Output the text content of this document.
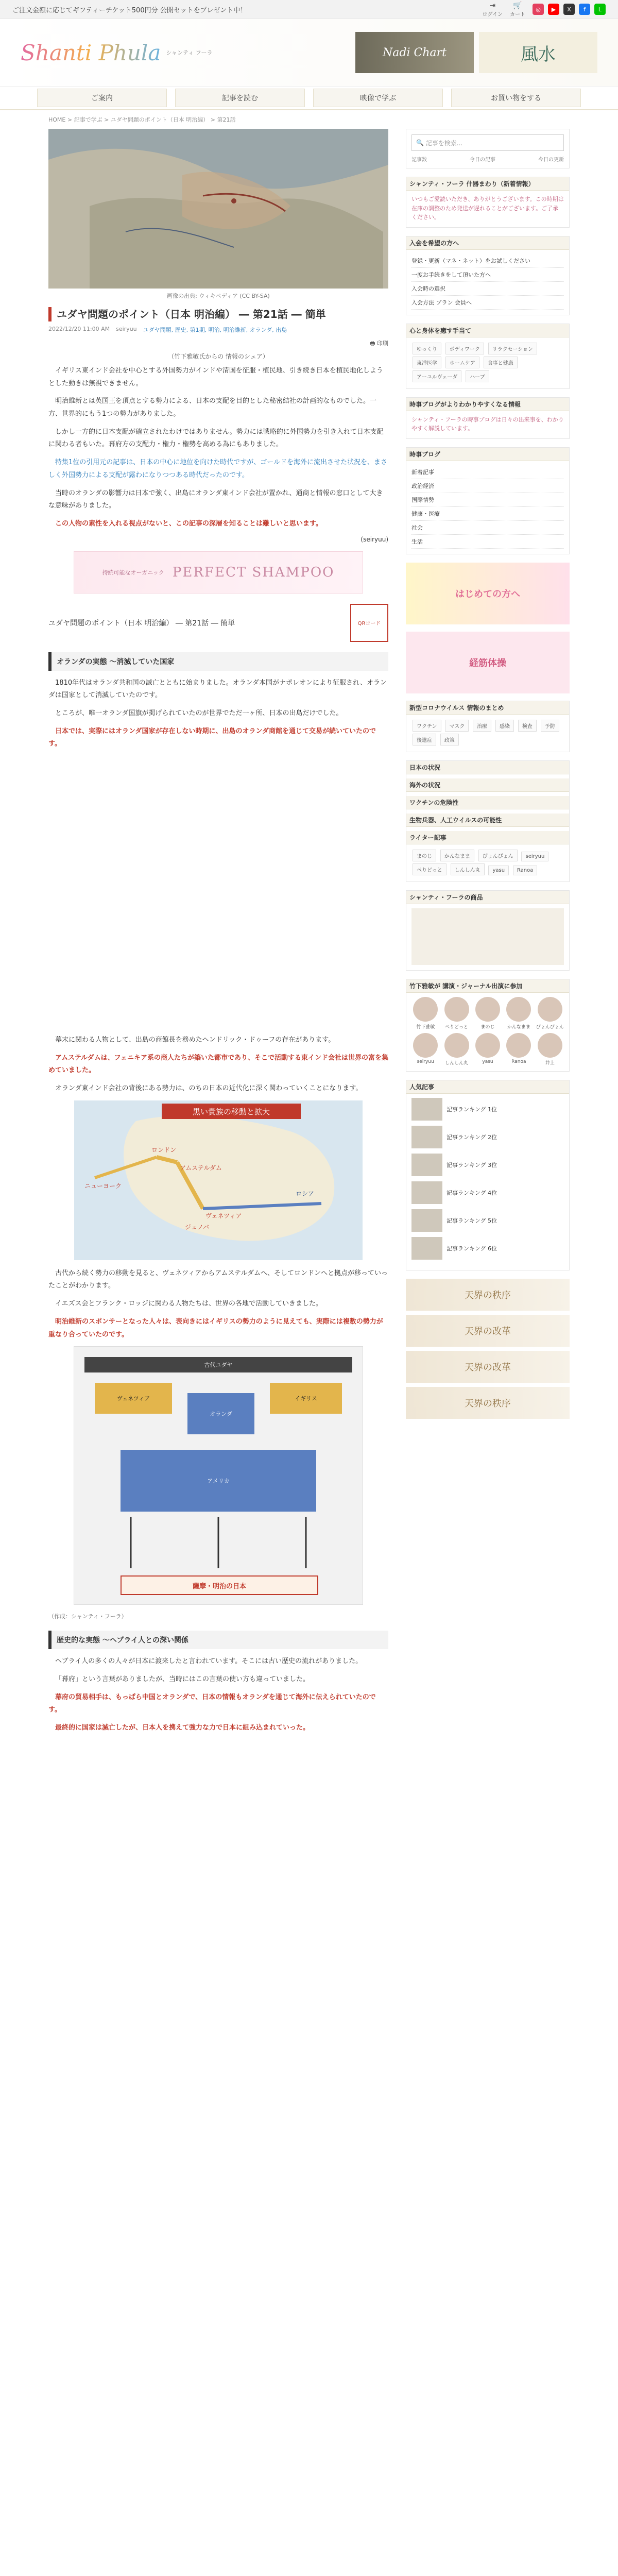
ご注文金額に応じてギフティーチケット500円分 公開セットをプレゼント中！
⇥
ログイン
🛒
カート
◎	▶	X	f	L
Shanti Phula シャンティ フーラ	Nadi Chart	風水
ご案内	記事を読む	映像で学ぶ	お買い物をする
HOME > 記事で学ぶ > ユダヤ問題のポイント（日本 明治編） > 第21話
画像の出典: ウィキペディア (CC BY-SA)
ユダヤ問題のポイント（日本 明治編） ― 第21話 ― 簡単
2022/12/20 11:00 AM seiryuu ユダヤ問題, 歴史, 第1期, 明治, 明治維新, オランダ, 出島
🖶 印刷
（竹下雅敏氏からの 情報のシェア）

イギリス東インド会社を中心とする外国勢力がインドや清国を征服・植民地、引き続き日本を植民地化しようとした動きは無視できません。

明治維新とは英国王を頂点とする勢力による、日本の支配を目的とした秘密結社の計画的なものでした。一方、世界的にもう1つの勢力がありました。

しかし一方的に日本支配が確立されたわけではありません。勢力には戦略的に外国勢力を引き入れて日本支配に関わる者もいた。幕府方の支配力・権力・権勢を高める為にもありました。

特集1位の引用元の記事は、日本の中心に地位を向けた時代ですが、ゴールドを海外に流出させた状況を、まさしく外国勢力による支配が露わになりつつある時代だったのです。

当時のオランダの影響力は日本で強く、出島にオランダ東インド会社が置かれ、通商と情報の窓口として大きな意味がありました。

この人物の素性を入れる視点がないと、この記事の深層を知ることは難しいと思います。

(seiryuu)
持続可能なオーガニック PERFECT SHAMPOO
ユダヤ問題のポイント（日本 明治編） ― 第21話 ― 簡単	QRコード
オランダの実態 〜消滅していた国家

1810年代はオランダ共和国の滅亡とともに始まりました。オランダ本国がナポレオンにより征服され、オランダは国家として消滅していたのです。

ところが、唯一オランダ国旗が掲げられていたのが世界でただ一ヶ所、日本の出島だけでした。

日本では、実際にはオランダ国家が存在しない時期に、出島のオランダ商館を通じて交易が続いていたのです。

幕末に関わる人物として、出島の商館長を務めたヘンドリック・ドゥーフの存在があります。

アムステルダムは、フェニキア系の商人たちが築いた都市であり、そこで活動する東インド会社は世界の富を集めていました。

オランダ東インド会社の背後にある勢力は、のちの日本の近代化に深く関わっていくことになります。

黒い貴族の移動と拡大
ロンドン
アムステルダム
ヴェネツィア
ニューヨーク
ジェノバ
ロシア

古代から続く勢力の移動を見ると、ヴェネツィアからアムステルダムへ、そしてロンドンへと拠点が移っていったことがわかります。

イエズス会とフランク・ロッジに関わる人物たちは、世界の各地で活動していきました。

明治維新のスポンサーとなった人々は、表向きにはイギリスの勢力のように見えても、実際には複数の勢力が重なり合っていたのです。

古代ユダヤ
ヴェネツィア
オランダ
イギリス
アメリカ
薩摩・明治の日本
（作成：シャンティ・フーラ）
歴史的な実態 〜ヘブライ人との深い関係

ヘブライ人の多くの人々が日本に渡来したと言われています。そこには古い歴史の流れがありました。

「幕府」という言葉がありましたが、当時にはこの言葉の使い方も違っていました。

幕府の貿易相手は、もっぱら中国とオランダで、日本の情報もオランダを通じて海外に伝えられていたのです。

最終的に国家は滅亡したが、日本人を携えて強力な力で日本に組み込まれていった。

🔍 記事を検索...
記事数	今日の記事	今日の更新
シャンティ・フーラ 什器まわり（新着情報）
いつもご愛読いただき、ありがとうございます。この時期は在庫の調整のため発送が遅れることがございます。ご了承ください。
入会を希望の方へ
登録・更新（マネ・ネット）をお試しください
一度お手続きをして頂いた方へ
入会時の選択
入会方法 プラン 会員へ
心と身体を癒す手当て
ゆっくり ボディワーク リラクセーション 東洋医学 ホームケア 食事と健康 アーユルヴェーダ ハーブ
時事ブログがよりわかりやすくなる情報
シャンティ・フーラの時事ブログは日々の出来事を、わかりやすく解説しています。
時事ブログ
新着記事
政治経済
国際情勢
健康・医療
社会
生活
はじめての方へ
経筋体操
新型コロナウイルス 情報のまとめ
ワクチン マスク 治療 感染 検査 予防 後遺症 政策
日本の状況
海外の状況
ワクチンの危険性
生物兵器、人工ウイルスの可能性
ライター記事
まのじ かんなまま ぴょんぴょん seiryuu ぺりどっと しんしん丸 yasu Ranoa
シャンティ・フーラの商品
竹下雅敏が 講演・ジャーナル出演に参加
竹下雅敏	ぺりどっと	まのじ	かんなまま	ぴょんぴょん
seiryuu	しんしん丸	yasu	Ranoa	井上
人気記事
記事ランキング 1位
記事ランキング 2位
記事ランキング 3位
記事ランキング 4位
記事ランキング 5位
記事ランキング 6位
天界の秩序
天界の改革
天界の改革
天界の秩序
